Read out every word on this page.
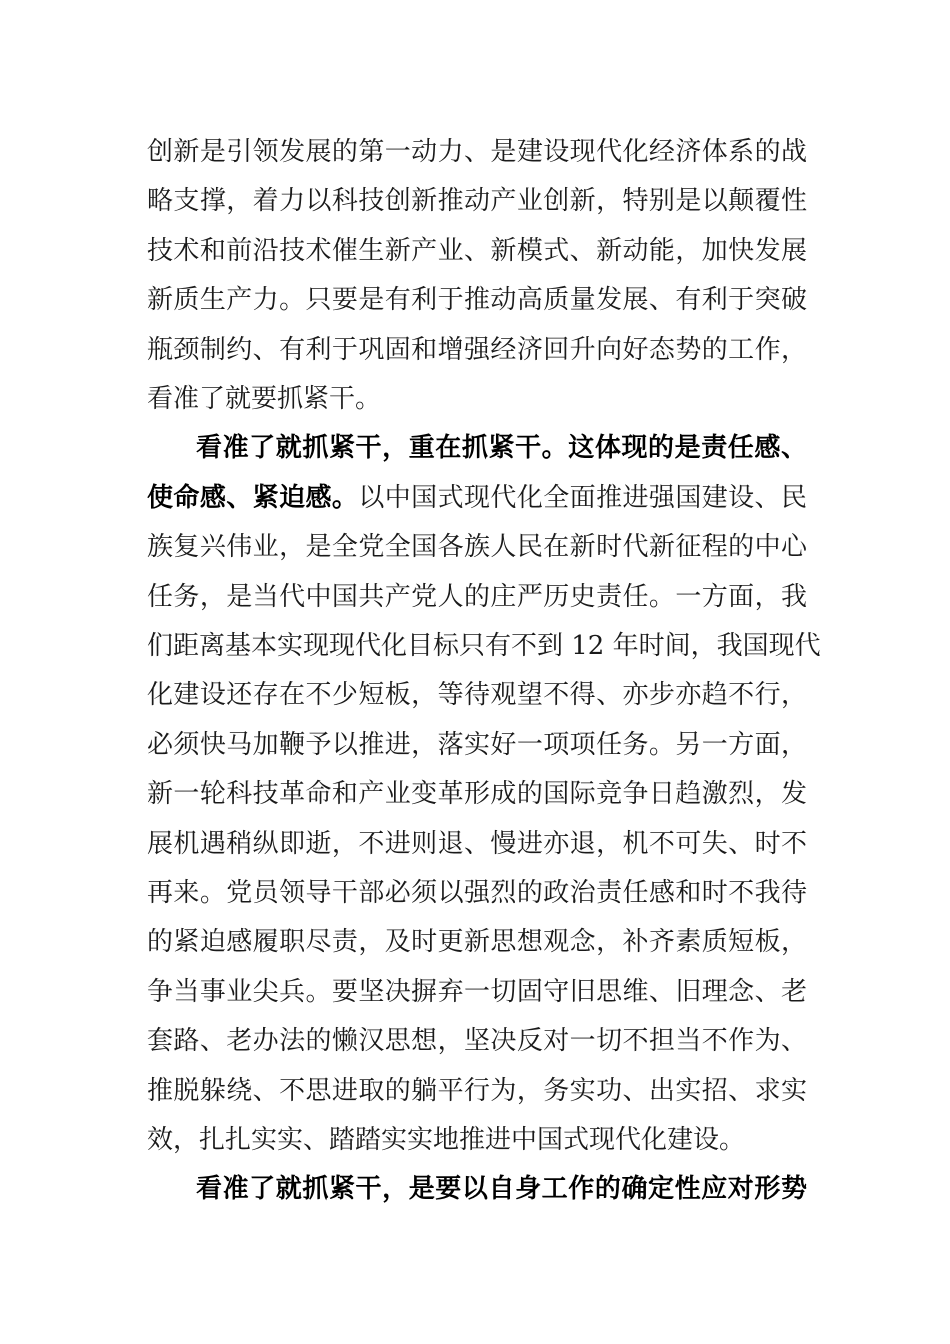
创新是引领发展的第一动力、是建设现代化经济体系的战
略支撑，着力以科技创新推动产业创新，特别是以颠覆性
技术和前沿技术催生新产业、新模式、新动能，加快发展
新质生产力。只要是有利于推动高质量发展、有利于突破
瓶颈制约、有利于巩固和增强经济回升向好态势的工作，
看准了就要抓紧干。
看准了就抓紧干，重在抓紧干。这体现的是责任感、
使命感、紧迫感。以中国式现代化全面推进强国建设、民
族复兴伟业，是全党全国各族人民在新时代新征程的中心
任务，是当代中国共产党人的庄严历史责任。一方面，我
们距离基本实现现代化目标只有不到 12 年时间，我国现代
化建设还存在不少短板，等待观望不得、亦步亦趋不行，
必须快马加鞭予以推进，落实好一项项任务。另一方面，
新一轮科技革命和产业变革形成的国际竞争日趋激烈，发
展机遇稍纵即逝，不进则退、慢进亦退，机不可失、时不
再来。党员领导干部必须以强烈的政治责任感和时不我待
的紧迫感履职尽责，及时更新思想观念，补齐素质短板，
争当事业尖兵。要坚决摒弃一切固守旧思维、旧理念、老
套路、老办法的懒汉思想，坚决反对一切不担当不作为、
推脱躲绕、不思进取的躺平行为，务实功、出实招、求实
效，扎扎实实、踏踏实实地推进中国式现代化建设。
看准了就抓紧干，是要以自身工作的确定性应对形势
